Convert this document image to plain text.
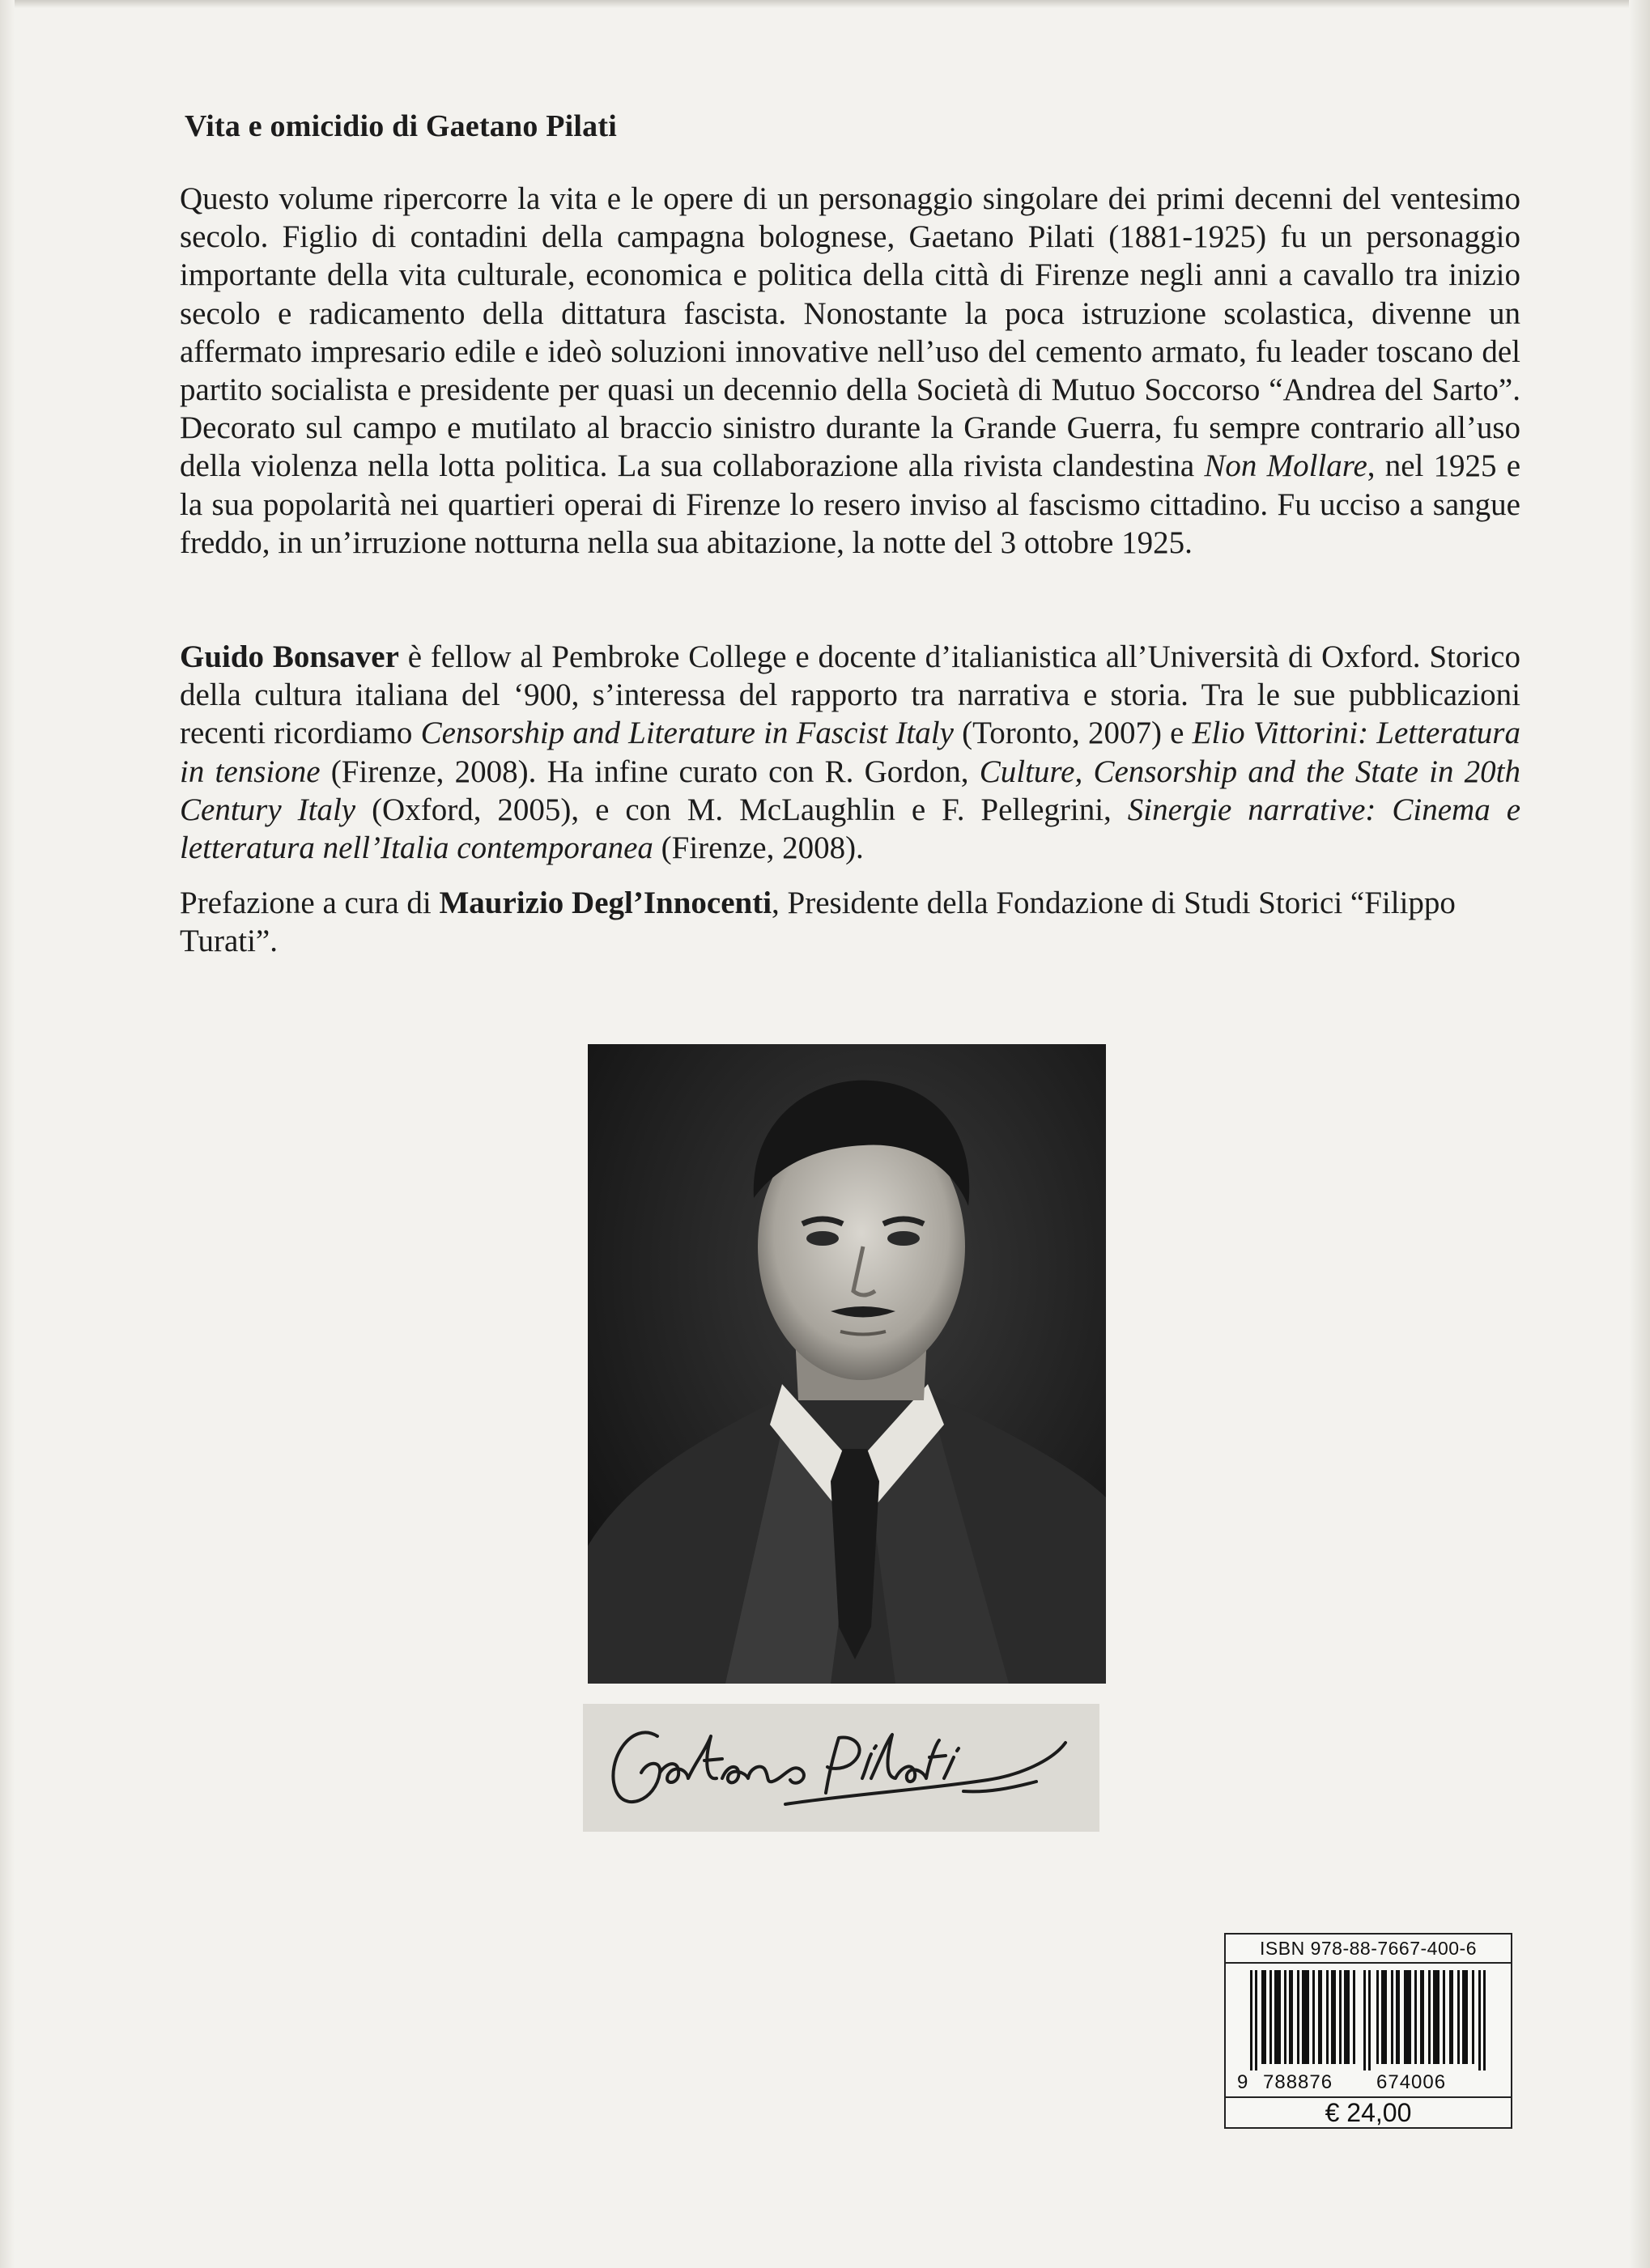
Vita e omicidio di Gaetano Pilati
Questo volume ripercorre la vita e le opere di un personaggio singolare dei primi decenni del ventesimo secolo. Figlio di contadini della campagna bolognese, Gaetano Pilati (1881-1925) fu un personaggio importante della vita culturale, economica e politica della città di Firenze negli anni a cavallo tra inizio secolo e radicamento della dittatura fascista. Nonostante la poca istruzione scolastica, divenne un affermato impresario edile e ideò soluzioni innovative nell’uso del cemento armato, fu leader toscano del partito socialista e presidente per quasi un decennio della Società di Mutuo Soccorso “Andrea del Sarto”. Decorato sul campo e mutilato al braccio sinistro durante la Grande Guerra, fu sempre contrario all’uso della violenza nella lotta politica. La sua collaborazione alla rivista clandestina Non Mollare, nel 1925 e la sua popolarità nei quartieri operai di Firenze lo resero inviso al fascismo cittadino. Fu ucciso a sangue freddo, in un’irruzione notturna nella sua abitazione, la notte del 3 ottobre 1925.
Guido Bonsaver è fellow al Pembroke College e docente d’italianistica all’Università di Oxford. Storico della cultura italiana del ‘900, s’interessa del rapporto tra narrativa e storia. Tra le sue pubblicazioni recenti ricordiamo Censorship and Literature in Fascist Italy (Toronto, 2007) e Elio Vittorini: Letteratura in tensione (Firenze, 2008). Ha infine curato con R. Gordon, Culture, Censorship and the State in 20th Century Italy (Oxford, 2005), e con M. McLaughlin e F. Pellegrini, Sinergie narrative: Cinema e letteratura nell’Italia contemporanea (Firenze, 2008).
Prefazione a cura di Maurizio Degl’Innocenti, Presidente della Fondazione di Studi Storici “Filippo Turati”.
ISBN 978-88-7667-400-6
9 788876 674006
€ 24,00
